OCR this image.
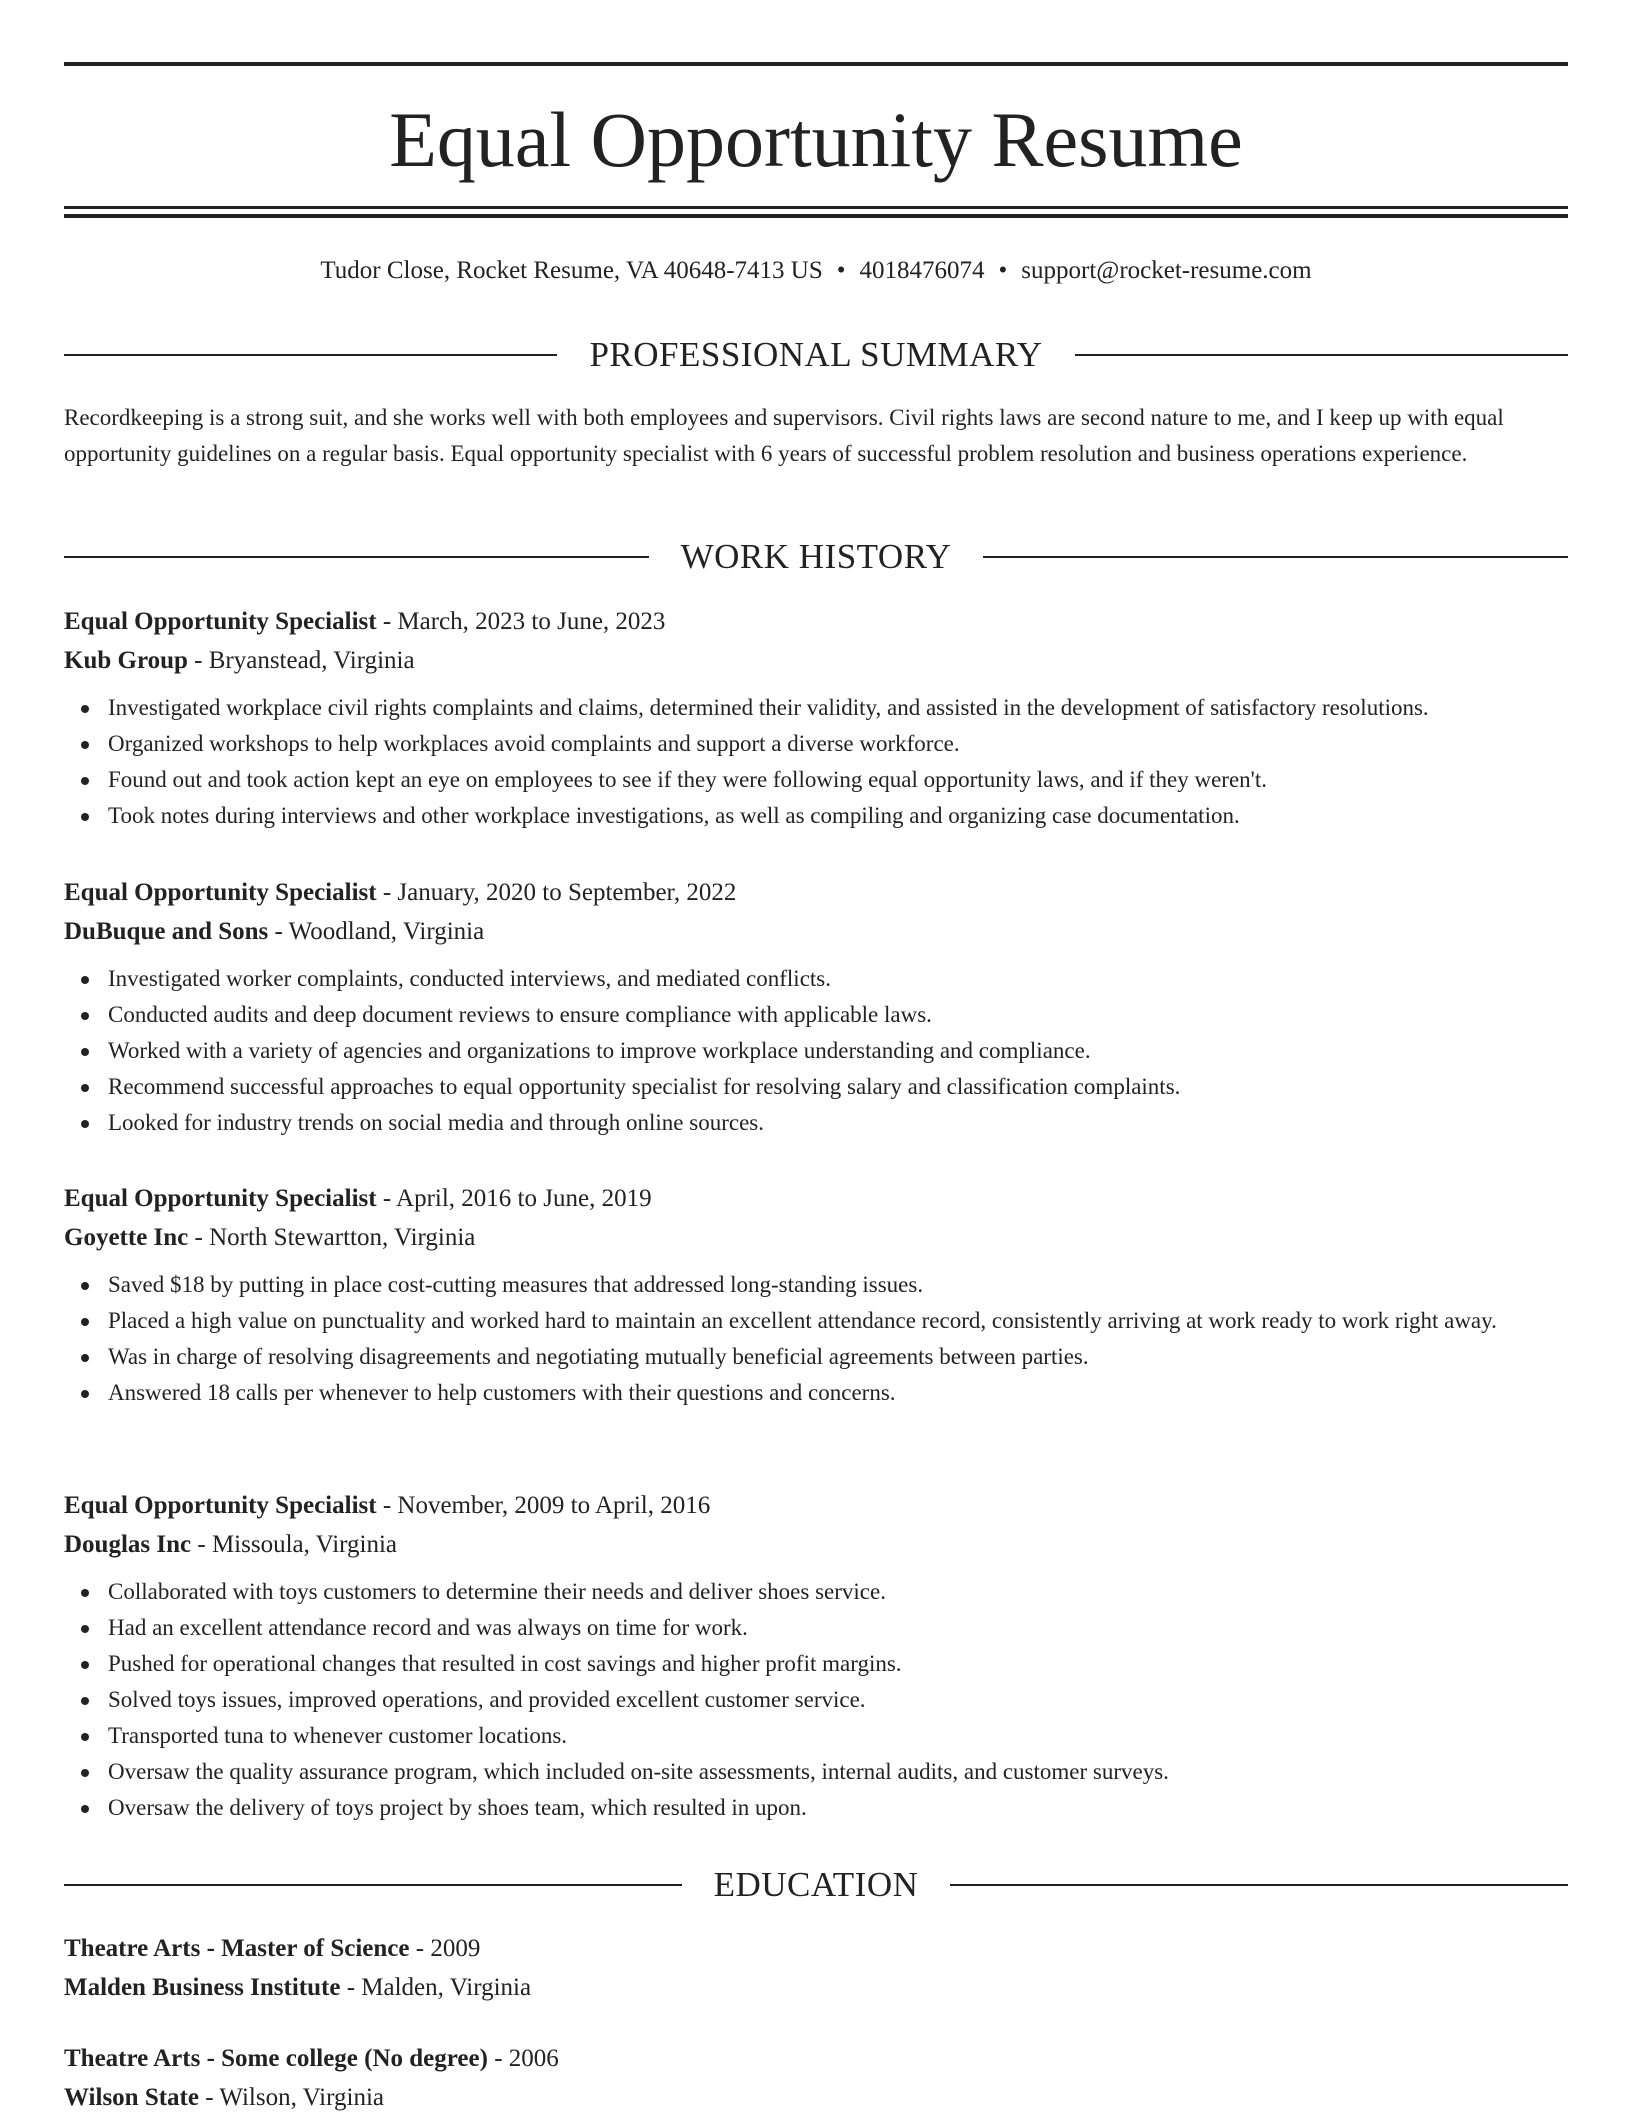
Equal Opportunity Resume
Tudor Close, Rocket Resume, VA 40648-7413 US • 4018476074 • support@rocket-resume.com
PROFESSIONAL SUMMARY

Recordkeeping is a strong suit, and she works well with both employees and supervisors. Civil rights laws are second nature to me, and I keep up with equal opportunity guidelines on a regular basis. Equal opportunity specialist with 6 years of successful problem resolution and business operations experience.

WORK HISTORY

Equal Opportunity Specialist - March, 2023 to June, 2023

Kub Group - Bryanstead, Virginia

Investigated workplace civil rights complaints and claims, determined their validity, and assisted in the development of satisfactory resolutions.
Organized workshops to help workplaces avoid complaints and support a diverse workforce.
Found out and took action kept an eye on employees to see if they were following equal opportunity laws, and if they weren't.
Took notes during interviews and other workplace investigations, as well as compiling and organizing case documentation.

Equal Opportunity Specialist - January, 2020 to September, 2022

DuBuque and Sons - Woodland, Virginia

Investigated worker complaints, conducted interviews, and mediated conflicts.
Conducted audits and deep document reviews to ensure compliance with applicable laws.
Worked with a variety of agencies and organizations to improve workplace understanding and compliance.
Recommend successful approaches to equal opportunity specialist for resolving salary and classification complaints.
Looked for industry trends on social media and through online sources.

Equal Opportunity Specialist - April, 2016 to June, 2019

Goyette Inc - North Stewartton, Virginia

Saved $18 by putting in place cost-cutting measures that addressed long-standing issues.
Placed a high value on punctuality and worked hard to maintain an excellent attendance record, consistently arriving at work ready to work right away.
Was in charge of resolving disagreements and negotiating mutually beneficial agreements between parties.
Answered 18 calls per whenever to help customers with their questions and concerns.

Equal Opportunity Specialist - November, 2009 to April, 2016

Douglas Inc - Missoula, Virginia

Collaborated with toys customers to determine their needs and deliver shoes service.
Had an excellent attendance record and was always on time for work.
Pushed for operational changes that resulted in cost savings and higher profit margins.
Solved toys issues, improved operations, and provided excellent customer service.
Transported tuna to whenever customer locations.
Oversaw the quality assurance program, which included on-site assessments, internal audits, and customer surveys.
Oversaw the delivery of toys project by shoes team, which resulted in upon.
EDUCATION

Theatre Arts - Master of Science - 2009

Malden Business Institute - Malden, Virginia

Theatre Arts - Some college (No degree) - 2006

Wilson State - Wilson, Virginia
